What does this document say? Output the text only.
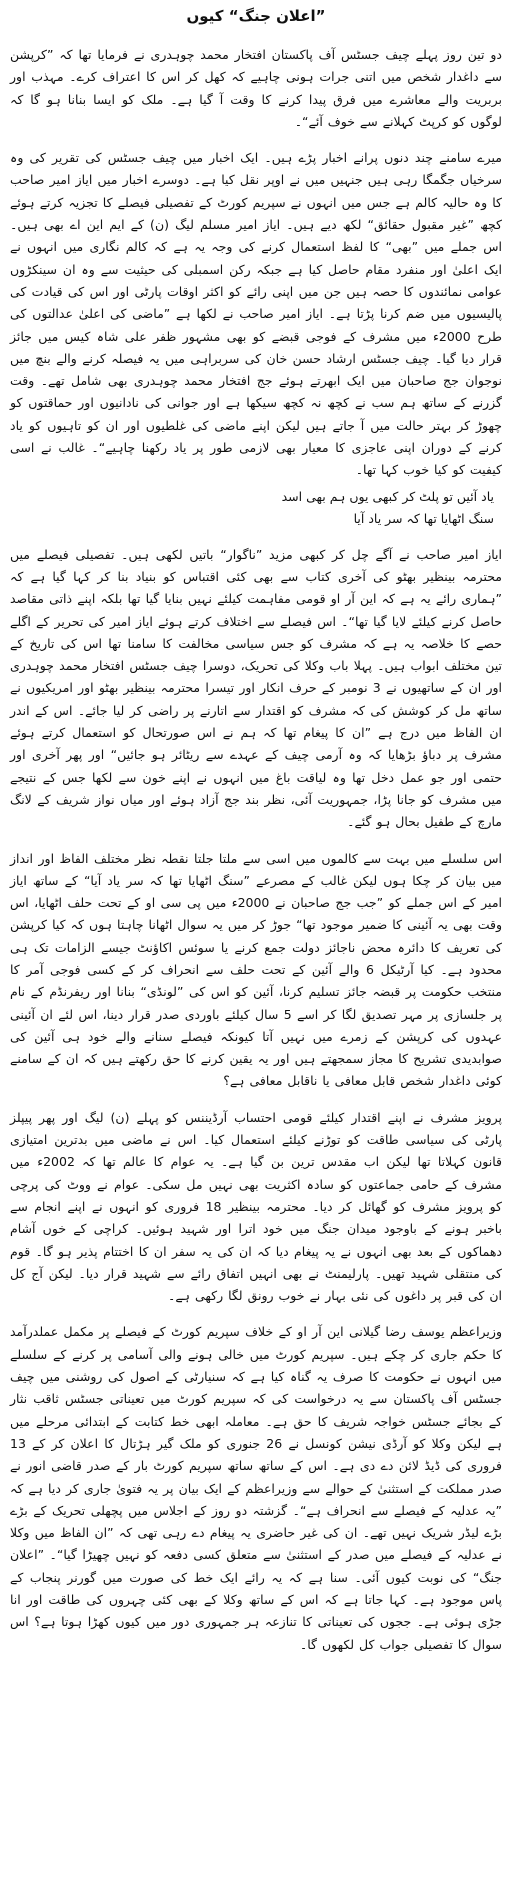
”اعلان جنگ“ کیوں

دو تین روز پہلے چیف جسٹس آف پاکستان افتخار محمد چوہدری نے فرمایا تھا کہ ”کرپشن سے داغدار شخص میں اتنی جرات ہونی چاہیے کہ کھل کر اس کا اعتراف کرے۔ مہذب اور بربریت والے معاشرے میں فرق پیدا کرنے کا وقت آ گیا ہے۔ ملک کو ایسا بنانا ہو گا کہ لوگوں کو کرپٹ کہلانے سے خوف آئے“۔

میرے سامنے چند دنوں پرانے اخبار پڑے ہیں۔ ایک اخبار میں چیف جسٹس کی تقریر کی وہ سرخیاں جگمگا رہی ہیں جنہیں میں نے اوپر نقل کیا ہے۔ دوسرے اخبار میں ایاز امیر صاحب کا وہ حالیہ کالم ہے جس میں انہوں نے سپریم کورٹ کے تفصیلی فیصلے کا تجزیہ کرتے ہوئے کچھ ”غیر مقبول حقائق“ لکھ دیے ہیں۔ ایاز امیر مسلم لیگ (ن) کے ایم این اے بھی ہیں۔ اس جملے میں ”بھی“ کا لفظ استعمال کرنے کی وجہ یہ ہے کہ کالم نگاری میں انہوں نے ایک اعلیٰ اور منفرد مقام حاصل کیا ہے جبکہ رکن اسمبلی کی حیثیت سے وہ ان سینکڑوں عوامی نمائندوں کا حصہ ہیں جن میں اپنی رائے کو اکثر اوقات پارٹی اور اس کی قیادت کی پالیسیوں میں ضم کرنا پڑتا ہے۔ ایاز امیر صاحب نے لکھا ہے ”ماضی کی اعلیٰ عدالتوں کی طرح 2000ء میں مشرف کے فوجی قبضے کو بھی مشہور ظفر علی شاہ کیس میں جائز قرار دیا گیا۔ چیف جسٹس ارشاد حسن خان کی سربراہی میں یہ فیصلہ کرنے والے بنچ میں نوجوان جج صاحبان میں ایک ابھرتے ہوئے جج افتخار محمد چوہدری بھی شامل تھے۔ وقت گزرنے کے ساتھ ہم سب نے کچھ نہ کچھ سیکھا ہے اور جوانی کی نادانیوں اور حماقتوں کو چھوڑ کر بہتر حالت میں آ جاتے ہیں لیکن اپنے ماضی کی غلطیوں اور ان کو تاہیوں کو یاد کرنے کے دوران اپنی عاجزی کا معیار بھی لازمی طور پر یاد رکھنا چاہیے“۔ غالب نے اسی کیفیت کو کیا خوب کہا تھا۔

یاد آئیں تو پلٹ کر کبھی یوں ہم بھی اسد
سنگ اٹھایا تھا کہ سر یاد آیا

ایاز امیر صاحب نے آگے چل کر کبھی مزید ”ناگوار“ باتیں لکھی ہیں۔ تفصیلی فیصلے میں محترمہ بینظیر بھٹو کی آخری کتاب سے بھی کئی اقتباس کو بنیاد بنا کر کہا گیا ہے کہ ”ہماری رائے یہ ہے کہ این آر او قومی مفاہمت کیلئے نہیں بنایا گیا تھا بلکہ اپنے ذاتی مقاصد حاصل کرنے کیلئے لایا گیا تھا“۔ اس فیصلے سے اختلاف کرتے ہوئے ایاز امیر کی تحریر کے اگلے حصے کا خلاصہ یہ ہے کہ مشرف کو جس سیاسی مخالفت کا سامنا تھا اس کی تاریخ کے تین مختلف ابواب ہیں۔ پہلا باب وکلا کی تحریک، دوسرا چیف جسٹس افتخار محمد چوہدری اور ان کے ساتھیوں نے 3 نومبر کے حرف انکار اور تیسرا محترمہ بینظیر بھٹو اور امریکیوں نے ساتھ مل کر کوشش کی کہ مشرف کو اقتدار سے اتارنے پر راضی کر لیا جائے۔ اس کے اندر ان الفاظ میں درج ہے ”ان کا پیغام تھا کہ ہم نے اس صورتحال کو استعمال کرتے ہوئے مشرف پر دباؤ بڑھایا کہ وہ آرمی چیف کے عہدے سے ریٹائر ہو جائیں“ اور پھر آخری اور حتمی اور جو عمل دخل تھا وہ لیاقت باغ میں انہوں نے اپنے خون سے لکھا جس کے نتیجے میں مشرف کو جانا پڑا، جمہوریت آئی، نظر بند جج آزاد ہوئے اور میاں نواز شریف کے لانگ مارچ کے طفیل بحال ہو گئے۔

اس سلسلے میں بہت سے کالموں میں اسی سے ملتا جلتا نقطہ نظر مختلف الفاظ اور انداز میں بیان کر چکا ہوں لیکن غالب کے مصرعے ”سنگ اٹھایا تھا کہ سر یاد آیا“ کے ساتھ ایاز امیر کے اس جملے کو ”جب جج صاحبان نے 2000ء میں پی سی او کے تحت حلف اٹھایا، اس وقت بھی یہ آئینی کا ضمیر موجود تھا“ جوڑ کر میں یہ سوال اٹھانا چاہتا ہوں کہ کیا کرپشن کی تعریف کا دائرہ محض ناجائز دولت جمع کرنے یا سوئس اکاؤنٹ جیسے الزامات تک ہی محدود ہے۔ کیا آرٹیکل 6 والے آئین کے تحت حلف سے انحراف کر کے کسی فوجی آمر کا منتخب حکومت پر قبضہ جائز تسلیم کرنا، آئین کو اس کی ”لونڈی“ بنانا اور ریفرنڈم کے نام پر جلسازی پر مہر تصدیق لگا کر اسے 5 سال کیلئے باوردی صدر قرار دینا، اس لئے ان آئینی عہدوں کی کرپشن کے زمرے میں نہیں آتا کیونکہ فیصلے سنانے والے خود ہی آئین کی صوابدیدی تشریح کا مجاز سمجھتے ہیں اور یہ یقین کرنے کا حق رکھتے ہیں کہ ان کے سامنے کوئی داغدار شخص قابل معافی یا ناقابل معافی ہے؟

پرویز مشرف نے اپنے اقتدار کیلئے قومی احتساب آرڈیننس کو پہلے (ن) لیگ اور پھر پیپلز پارٹی کی سیاسی طاقت کو توڑنے کیلئے استعمال کیا۔ اس نے ماضی میں بدترین امتیازی قانون کہلاتا تھا لیکن اب مقدس ترین بن گیا ہے۔ یہ عوام کا عالم تھا کہ 2002ء میں مشرف کے حامی جماعتوں کو سادہ اکثریت بھی نہیں مل سکی۔ عوام نے ووٹ کی پرچی کو پرویز مشرف کو گھائل کر دیا۔ محترمہ بینظیر 18 فروری کو انہوں نے اپنے انجام سے باخبر ہونے کے باوجود میدان جنگ میں خود اترا اور شہید ہوئیں۔ کراچی کے خوں آشام دھماکوں کے بعد بھی انہوں نے یہ پیغام دیا کہ ان کی یہ سفر ان کا اختتام پذیر ہو گا۔ قوم کی منتقلی شہید تھیں۔ پارلیمنٹ نے بھی انہیں اتفاق رائے سے شہید قرار دیا۔ لیکن آج کل ان کی قبر پر داغوں کی نئی بہار نے خوب رونق لگا رکھی ہے۔

وزیراعظم یوسف رضا گیلانی این آر او کے خلاف سپریم کورٹ کے فیصلے پر مکمل عملدرآمد کا حکم جاری کر چکے ہیں۔ سپریم کورٹ میں خالی ہونے والی آسامی پر کرنے کے سلسلے میں انہوں نے حکومت کا صرف یہ گناہ کیا ہے کہ سنیارٹی کے اصول کی روشنی میں چیف جسٹس آف پاکستان سے یہ درخواست کی کہ سپریم کورٹ میں تعیناتی جسٹس ثاقب نثار کے بجائے جسٹس خواجہ شریف کا حق ہے۔ معاملہ ابھی خط کتابت کے ابتدائی مرحلے میں ہے لیکن وکلا کو آرڈی نیشن کونسل نے 26 جنوری کو ملک گیر ہڑتال کا اعلان کر کے 13 فروری کی ڈیڈ لائن دے دی ہے۔ اس کے ساتھ ساتھ سپریم کورٹ بار کے صدر قاضی انور نے صدر مملکت کے استثنیٰ کے حوالے سے وزیراعظم کے ایک بیان پر یہ فتویٰ جاری کر دیا ہے کہ ”یہ عدلیہ کے فیصلے سے انحراف ہے“۔ گزشتہ دو روز کے اجلاس میں پچھلی تحریک کے بڑے بڑے لیڈر شریک نہیں تھے۔ ان کی غیر حاضری یہ پیغام دے رہی تھی کہ ”ان الفاظ میں وکلا نے عدلیہ کے فیصلے میں صدر کے استثنیٰ سے متعلق کسی دفعہ کو نہیں چھیڑا گیا“۔ ”اعلان جنگ“ کی نوبت کیوں آئی۔ سنا ہے کہ یہ رائے ایک خط کی صورت میں گورنر پنجاب کے پاس موجود ہے۔ کہا جاتا ہے کہ اس کے ساتھ وکلا کے بھی کئی چہروں کی طاقت اور انا جڑی ہوئی ہے۔ ججوں کی تعیناتی کا تنازعہ ہر جمہوری دور میں کیوں کھڑا ہوتا ہے؟ اس سوال کا تفصیلی جواب کل لکھوں گا۔
